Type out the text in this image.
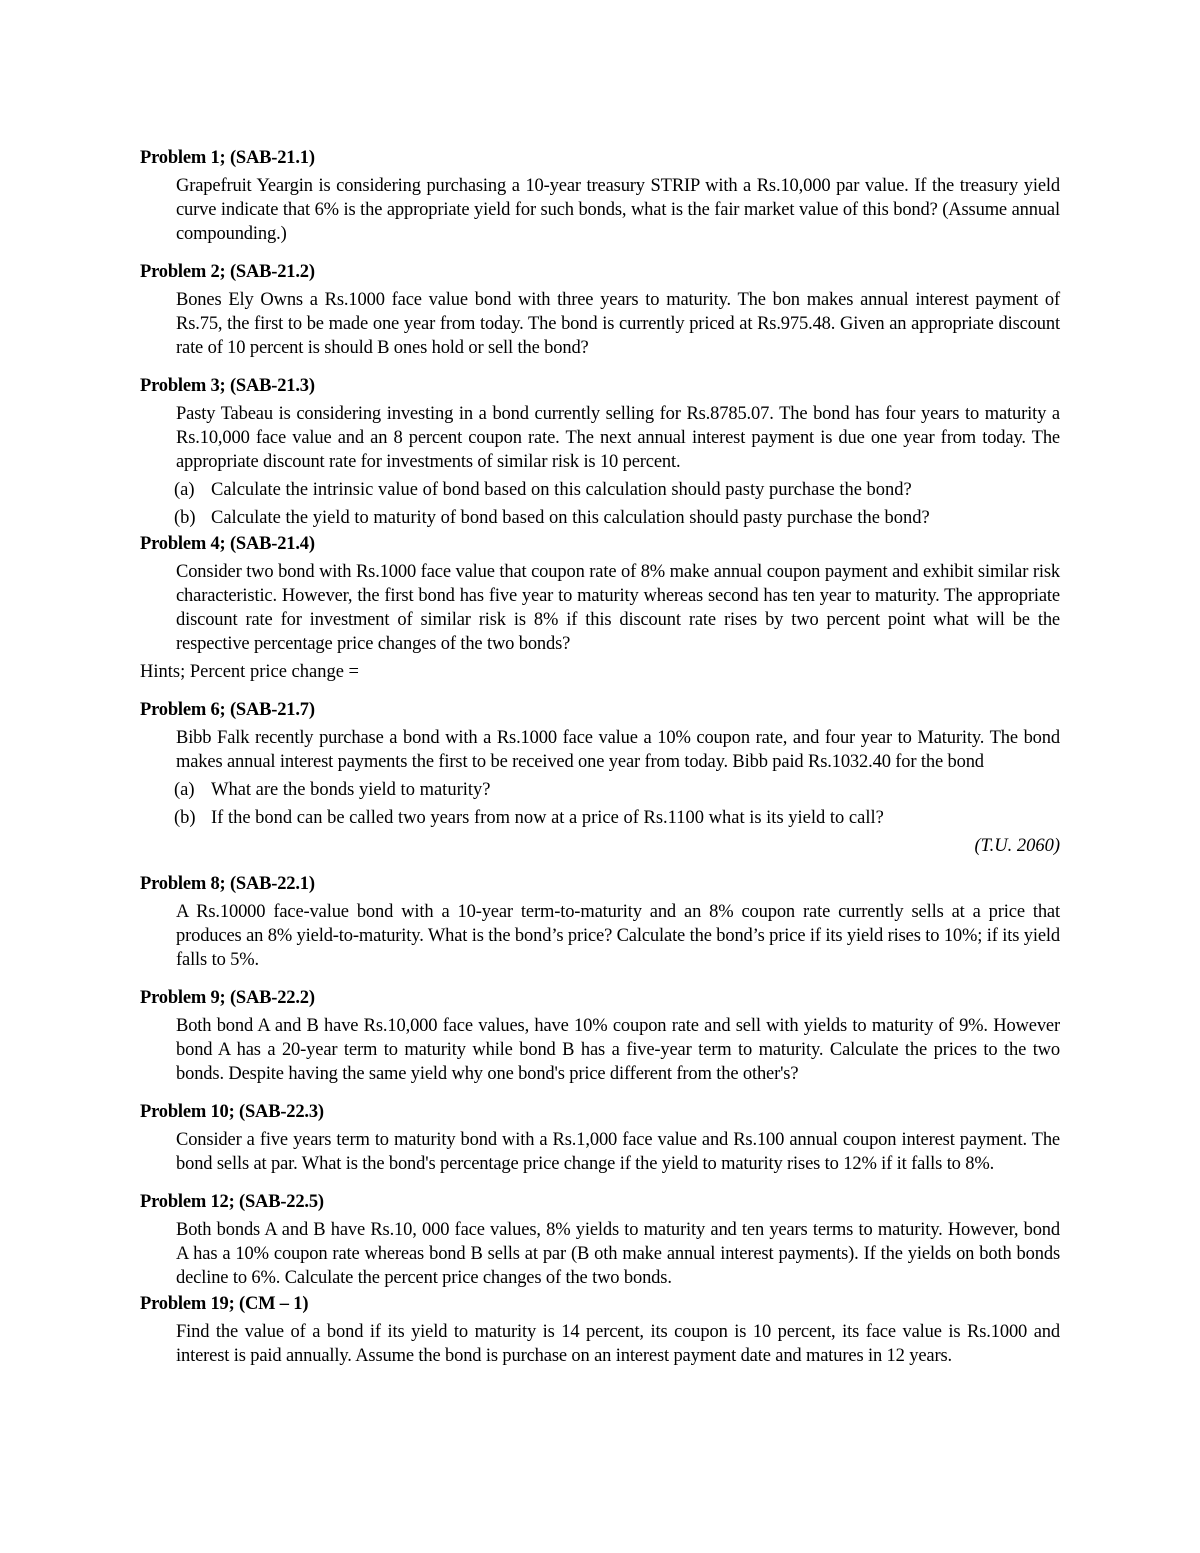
Problem 1; (SAB-21.1)

Grapefruit Yeargin is considering purchasing a 10-year treasury STRIP with a Rs.10,000 par value. If the treasury yield curve indicate that 6% is the appropriate yield for such bonds, what is the fair market value of this bond? (Assume annual compounding.)

Problem 2; (SAB-21.2)

Bones Ely Owns a Rs.1000 face value bond with three years to maturity. The bon makes annual interest payment of Rs.75, the first to be made one year from today. The bond is currently priced at Rs.975.48. Given an appropriate discount rate of 10 percent is should B ones hold or sell the bond?

Problem 3; (SAB-21.3)

Pasty Tabeau is considering investing in a bond currently selling for Rs.8785.07. The bond has four years to maturity a Rs.10,000 face value and an 8 percent coupon rate. The next annual interest payment is due one year from today. The appropriate discount rate for investments of similar risk is 10 percent.

(a) Calculate the intrinsic value of bond based on this calculation should pasty purchase the bond?
(b) Calculate the yield to maturity of bond based on this calculation should pasty purchase the bond?

Problem 4; (SAB-21.4)

Consider two bond with Rs.1000 face value that coupon rate of 8% make annual coupon payment and exhibit similar risk characteristic. However, the first bond has five year to maturity whereas second has ten year to maturity. The appropriate discount rate for investment of similar risk is 8% if this discount rate rises by two percent point what will be the respective percentage price changes of the two bonds?

Hints; Percent price change =

Problem 6; (SAB-21.7)

Bibb Falk recently purchase a bond with a Rs.1000 face value a 10% coupon rate, and four year to Maturity. The bond makes annual interest payments the first to be received one year from today. Bibb paid Rs.1032.40 for the bond

(a) What are the bonds yield to maturity?
(b) If the bond can be called two years from now at a price of Rs.1100 what is its yield to call?

(T.U. 2060)

Problem 8; (SAB-22.1)

A Rs.10000 face-value bond with a 10-year term-to-maturity and an 8% coupon rate currently sells at a price that produces an 8% yield-to-maturity. What is the bond’s price? Calculate the bond’s price if its yield rises to 10%; if its yield falls to 5%.

Problem 9; (SAB-22.2)

Both bond A and B have Rs.10,000 face values, have 10% coupon rate and sell with yields to maturity of 9%. However bond A has a 20-year term to maturity while bond B has a five-year term to maturity. Calculate the prices to the two bonds. Despite having the same yield why one bond's price different from the other's?

Problem 10; (SAB-22.3)

Consider a five years term to maturity bond with a Rs.1,000 face value and Rs.100 annual coupon interest payment. The bond sells at par. What is the bond's percentage price change if the yield to maturity rises to 12% if it falls to 8%.

Problem 12; (SAB-22.5)

Both bonds A and B have Rs.10, 000 face values, 8% yields to maturity and ten years terms to maturity. However, bond A has a 10% coupon rate whereas bond B sells at par (B oth make annual interest payments). If the yields on both bonds decline to 6%. Calculate the percent price changes of the two bonds.

Problem 19; (CM – 1)

Find the value of a bond if its yield to maturity is 14 percent, its coupon is 10 percent, its face value is Rs.1000 and interest is paid annually. Assume the bond is purchase on an interest payment date and matures in 12 years.
